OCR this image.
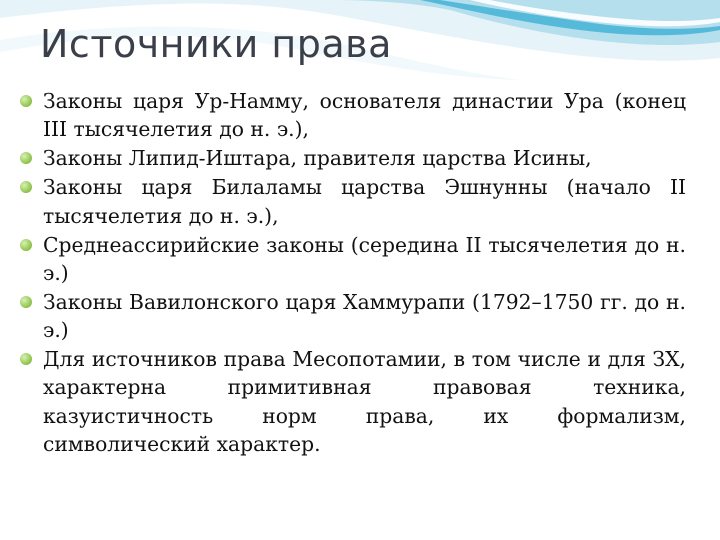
Источники права
Законы царя Ур-Намму, основателя династии Ура (конец III тысячелетия до н. э.),
Законы Липид-Иштара, правителя царства Исины,
Законы царя Билаламы царства Эшнунны (начало II тысячелетия до н. э.),
Среднеассирийские законы (середина II тысячелетия до н. э.)
Законы Вавилонского царя Хаммурапи (1792–1750 гг. до н. э.)
Для источников права Месопотамии, в том числе и для ЗХ, характерна примитивная правовая техника, казуистичность норм права, их формализм, символический характер.
